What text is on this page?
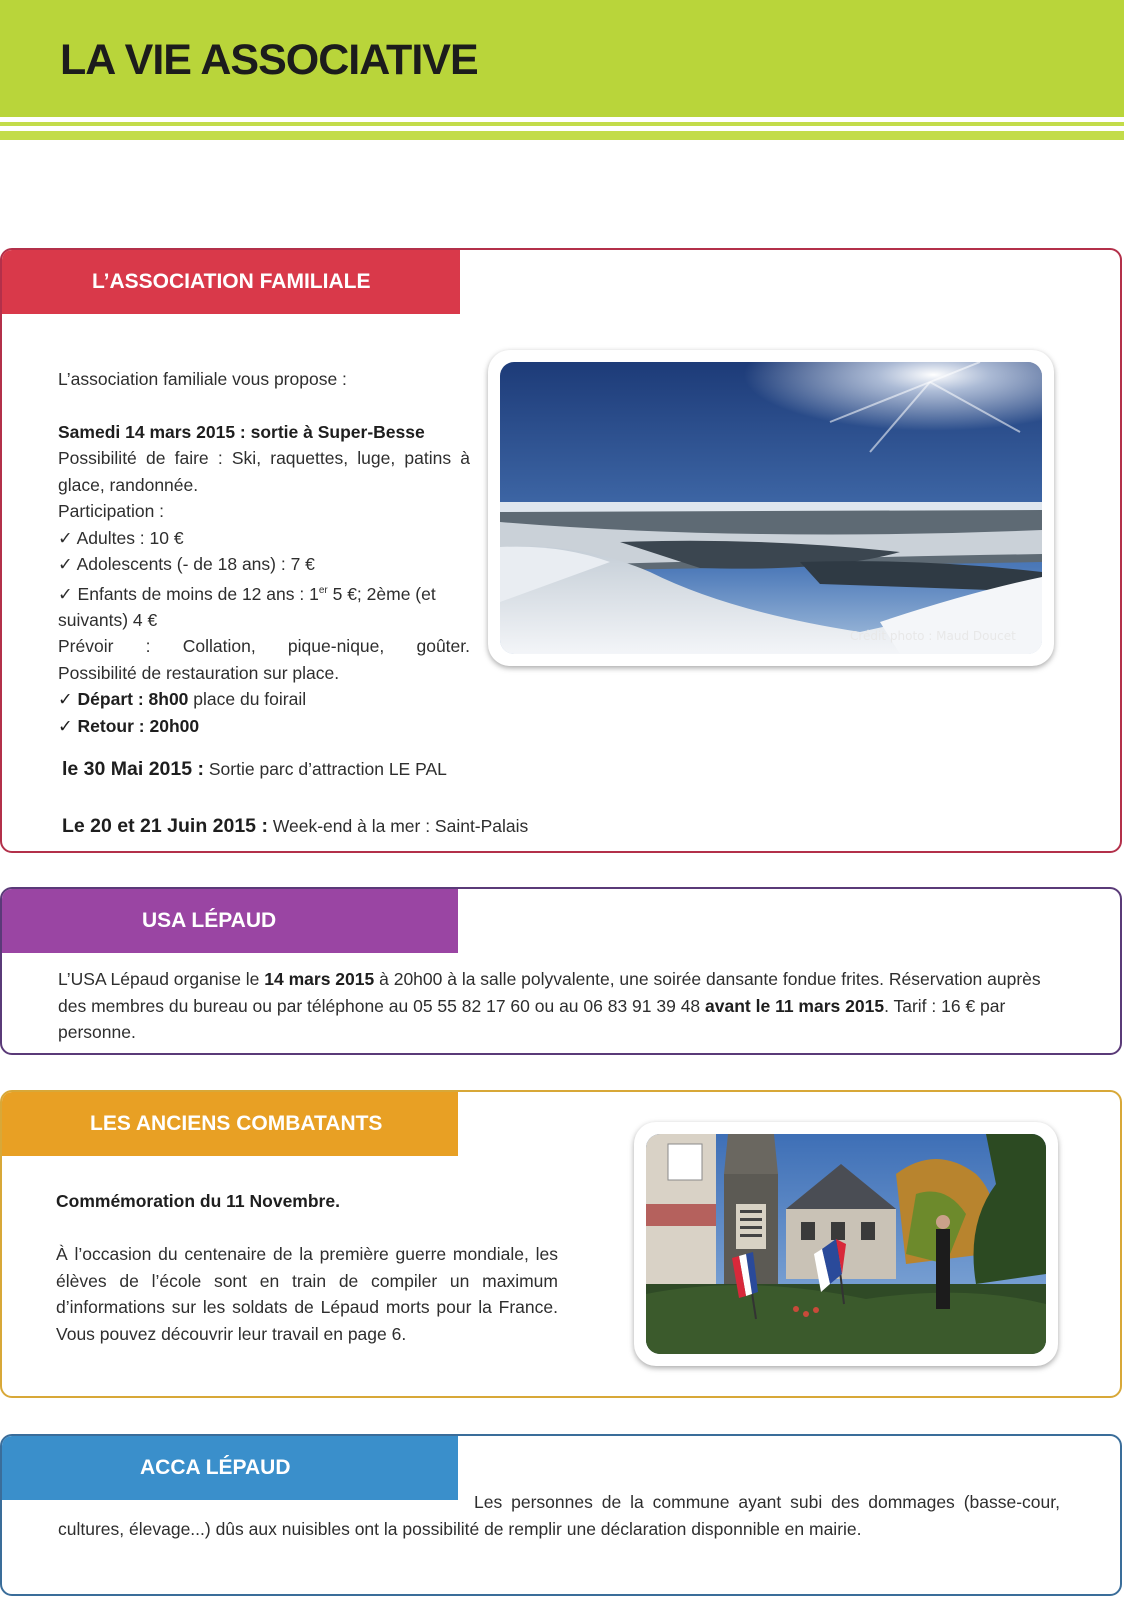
LA VIE ASSOCIATIVE
L’ASSOCIATION FAMILIALE

L’association familiale vous propose :

Samedi 14 mars 2015 : sortie à Super-Besse

Possibilité de faire : Ski, raquettes, luge, patins à glace, randonnée.

Participation :

✓ Adultes : 10 €

✓ Adolescents (- de 18 ans) : 7 €

✓ Enfants de moins de 12 ans : 1er 5 €; 2ème (et suivants) 4 €

Prévoir : Collation, pique-nique, goûter.

Possibilité de restauration sur place.

✓ Départ : 8h00 place du foirail

✓ Retour : 20h00

le 30 Mai 2015 : Sortie parc d’attraction LE PAL
Le 20 et 21 Juin 2015 : Week-end à la mer : Saint-Palais
Crédit photo : Maud Doucet
USA LÉPAUD
L’USA Lépaud organise le 14 mars 2015 à 20h00 à la salle polyvalente, une soirée dansante fondue frites. Réservation auprès des membres du bureau ou par téléphone au 05 55 82 17 60 ou au 06 83 91 39 48 avant le 11 mars 2015. Tarif : 16 € par personne.
LES ANCIENS COMBATANTS
Commémoration du 11 Novembre.
À l’occasion du centenaire de la première guerre mondiale, les élèves de l’école sont en train de compiler un maximum d’informations sur les soldats de Lépaud morts pour la France. Vous pouvez découvrir leur travail en page 6.
ACCA LÉPAUD
Les personnes de la commune ayant subi des dommages (basse-cour, cultures, élevage...) dûs aux nuisibles ont la possibilité de remplir une déclaration disponnible en mairie.
